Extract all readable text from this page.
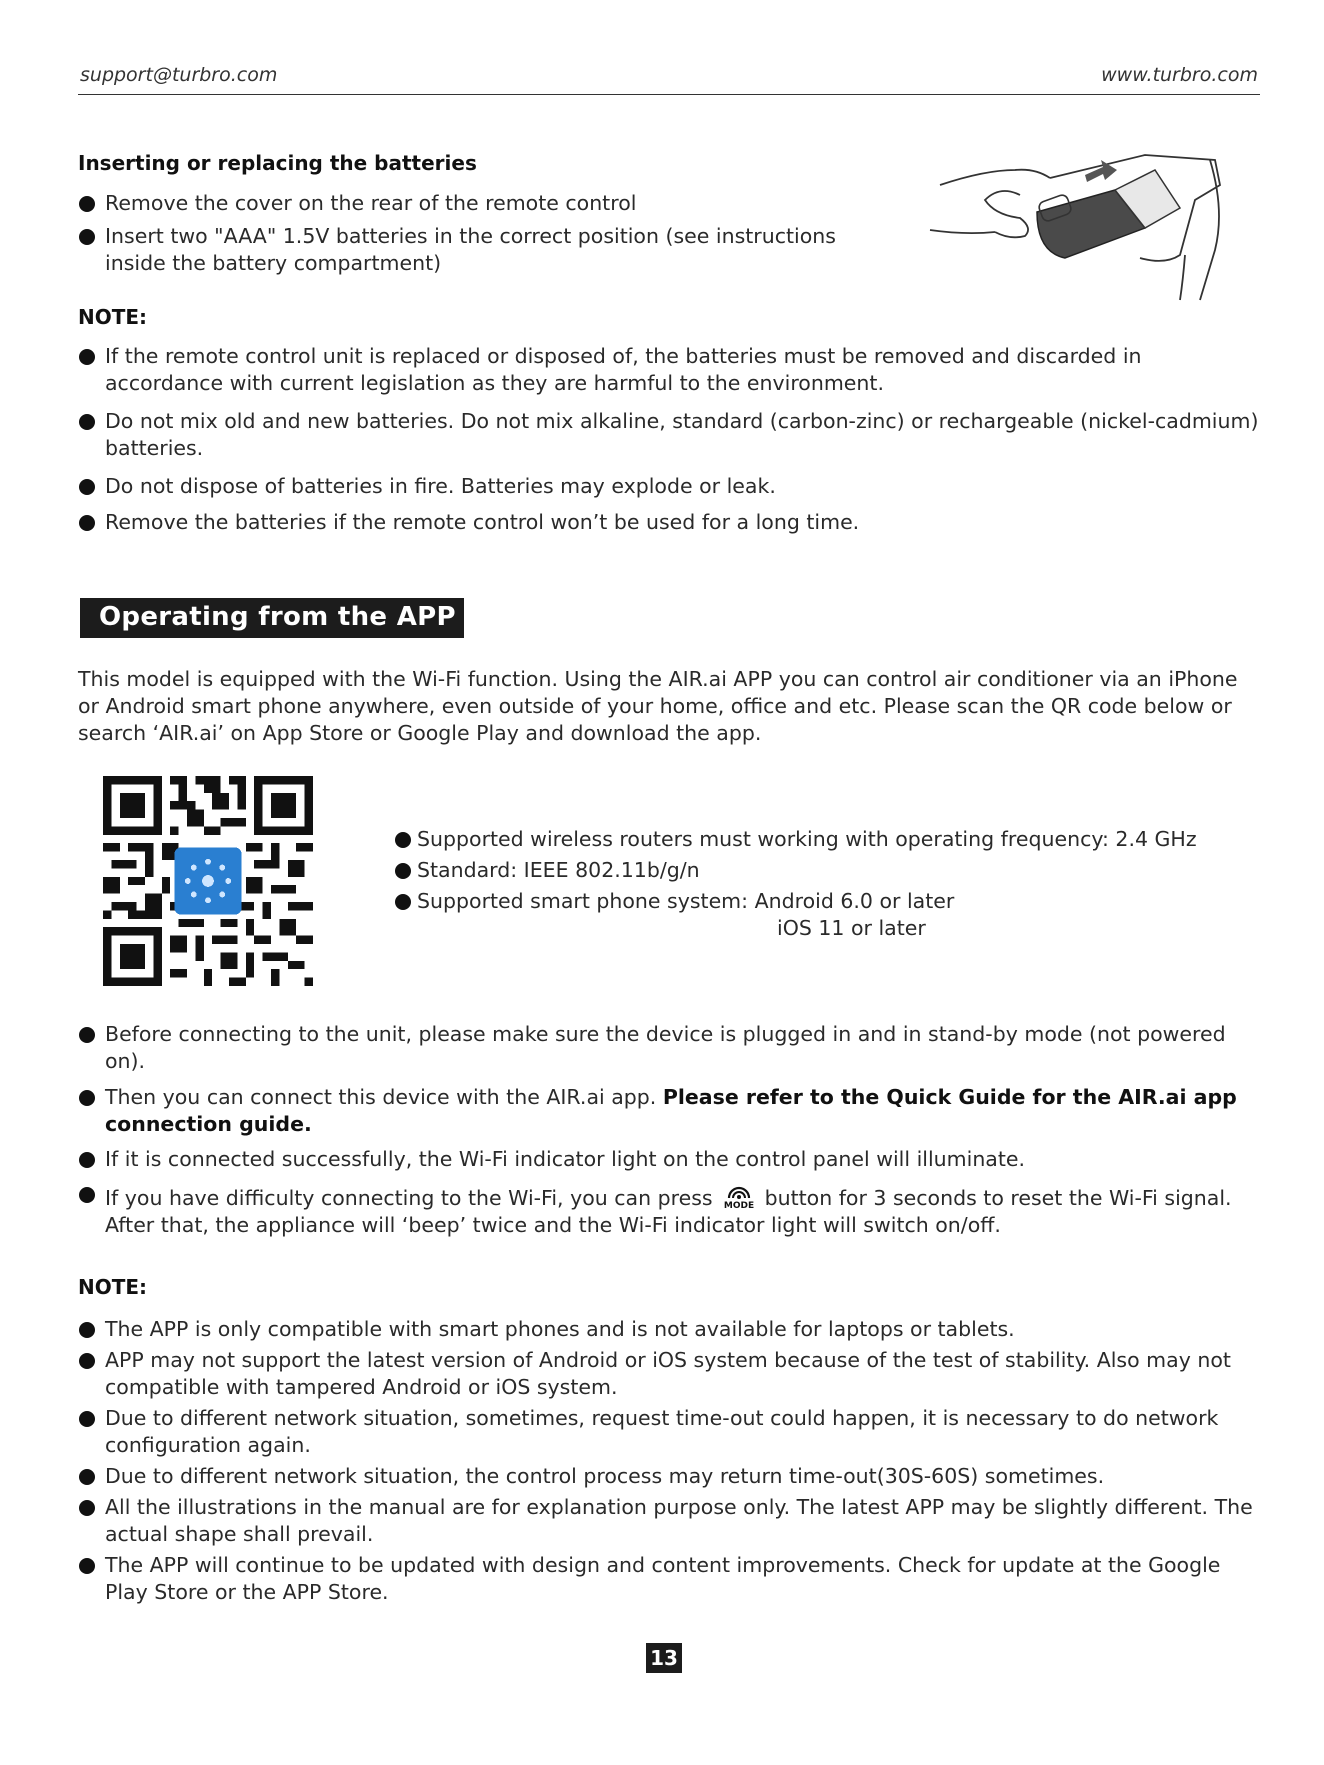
support@turbro.com	www.turbro.com
Inserting or replacing the batteries
Remove the cover on the rear of the remote control
Insert two "AAA" 1.5V batteries in the correct position (see instructions inside the battery compartment)
NOTE:
If the remote control unit is replaced or disposed of, the batteries must be removed and discarded in accordance with current legislation as they are harmful to the environment.
Do not mix old and new batteries. Do not mix alkaline, standard (carbon-zinc) or rechargeable (nickel-cadmium) batteries.
Do not dispose of batteries in fire. Batteries may explode or leak.
Remove the batteries if the remote control won’t be used for a long time.
Operating from the APP
This model is equipped with the Wi-Fi function. Using the AIR.ai APP you can control air conditioner via an iPhone or Android smart phone anywhere, even outside of your home, office and etc. Please scan the QR code below or search ‘AIR.ai’ on App Store or Google Play and download the app.
Supported wireless routers must working with operating frequency: 2.4 GHz
Standard: IEEE 802.11b/g/n
Supported smart phone system: Android 6.0 or later
iOS 11 or later
Before connecting to the unit, please make sure the device is plugged in and in stand-by mode (not powered on).
Then you can connect this device with the AIR.ai app. Please refer to the Quick Guide for the AIR.ai app connection guide.
If it is connected successfully, the Wi-Fi indicator light on the control panel will illuminate.
If you have difficulty connecting to the Wi-Fi, you can press MODE button for 3 seconds to reset the Wi-Fi signal. After that, the appliance will ‘beep’ twice and the Wi-Fi indicator light will switch on/off.
NOTE:
The APP is only compatible with smart phones and is not available for laptops or tablets.
APP may not support the latest version of Android or iOS system because of the test of stability. Also may not compatible with tampered Android or iOS system.
Due to different network situation, sometimes, request time-out could happen, it is necessary to do network configuration again.
Due to different network situation, the control process may return time-out(30S-60S) sometimes.
All the illustrations in the manual are for explanation purpose only. The latest APP may be slightly different. The actual shape shall prevail.
The APP will continue to be updated with design and content improvements. Check for update at the Google Play Store or the APP Store.
13
